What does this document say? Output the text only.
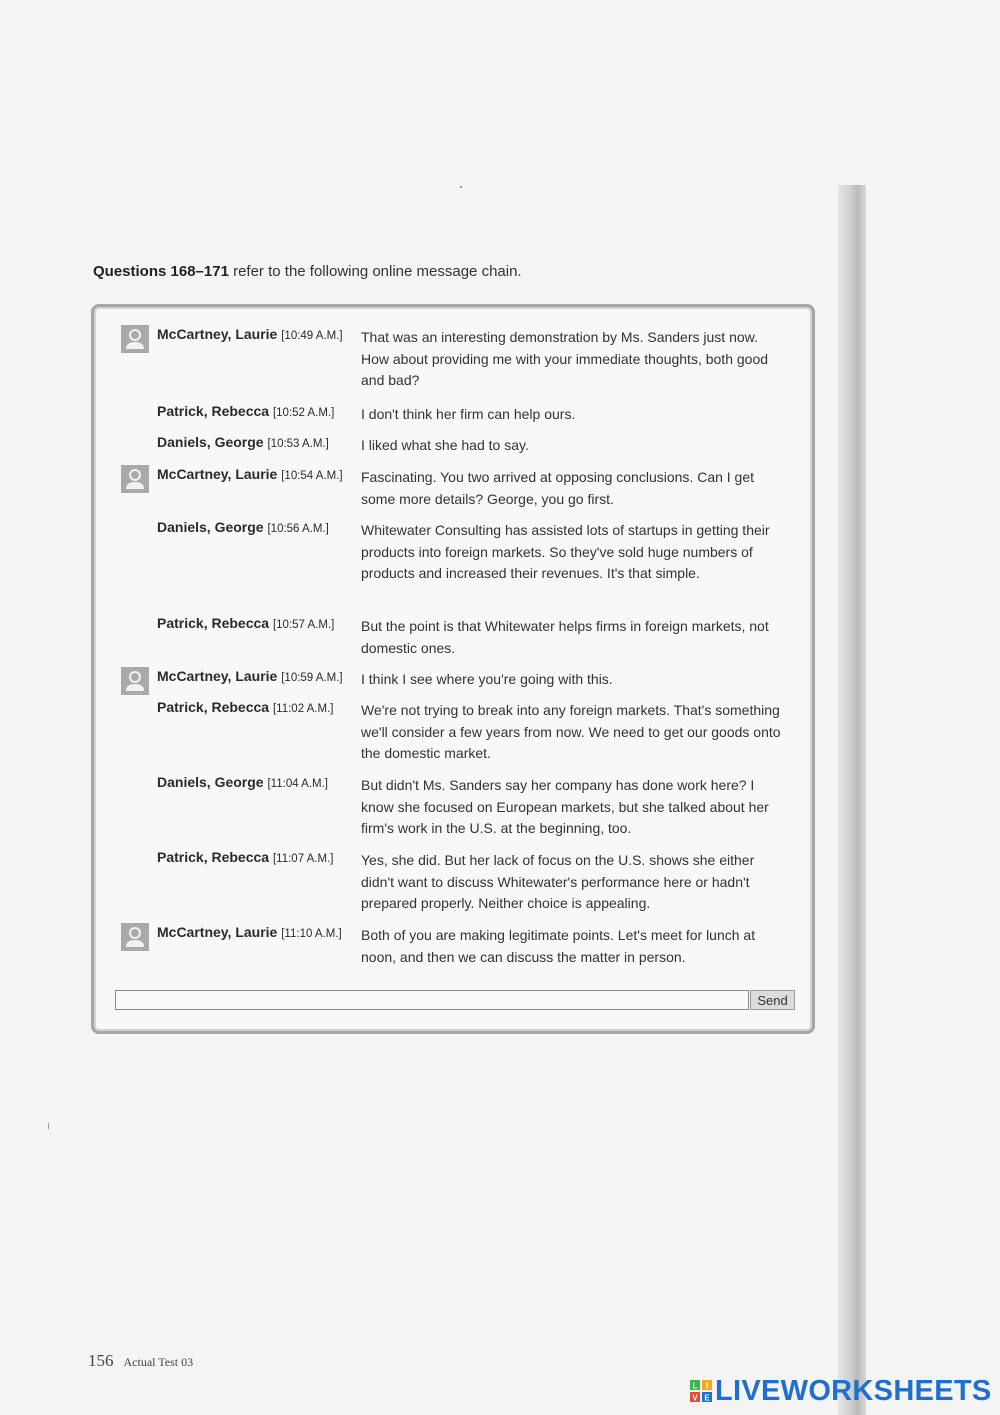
Questions 168–171 refer to the following online message chain.
McCartney, Laurie [10:49 A.M.] That was an interesting demonstration by Ms. Sanders just now. How about providing me with your immediate thoughts, both good and bad?
Patrick, Rebecca [10:52 A.M.] I don't think her firm can help ours.
Daniels, George [10:53 A.M.] I liked what she had to say.
McCartney, Laurie [10:54 A.M.] Fascinating. You two arrived at opposing conclusions. Can I get some more details? George, you go first.
Daniels, George [10:56 A.M.] Whitewater Consulting has assisted lots of startups in getting their products into foreign markets. So they've sold huge numbers of products and increased their revenues. It's that simple.
Patrick, Rebecca [10:57 A.M.] But the point is that Whitewater helps firms in foreign markets, not domestic ones.
McCartney, Laurie [10:59 A.M.] I think I see where you're going with this.
Patrick, Rebecca [11:02 A.M.] We're not trying to break into any foreign markets. That's something we'll consider a few years from now. We need to get our goods onto the domestic market.
Daniels, George [11:04 A.M.] But didn't Ms. Sanders say her company has done work here? I know she focused on European markets, but she talked about her firm's work in the U.S. at the beginning, too.
Patrick, Rebecca [11:07 A.M.] Yes, she did. But her lack of focus on the U.S. shows she either didn't want to discuss Whitewater's performance here or hadn't prepared properly. Neither choice is appealing.
McCartney, Laurie [11:10 A.M.] Both of you are making legitimate points. Let's meet for lunch at noon, and then we can discuss the matter in person.
Send
156 Actual Test 03
L I
V E LIVEWORKSHEETS
